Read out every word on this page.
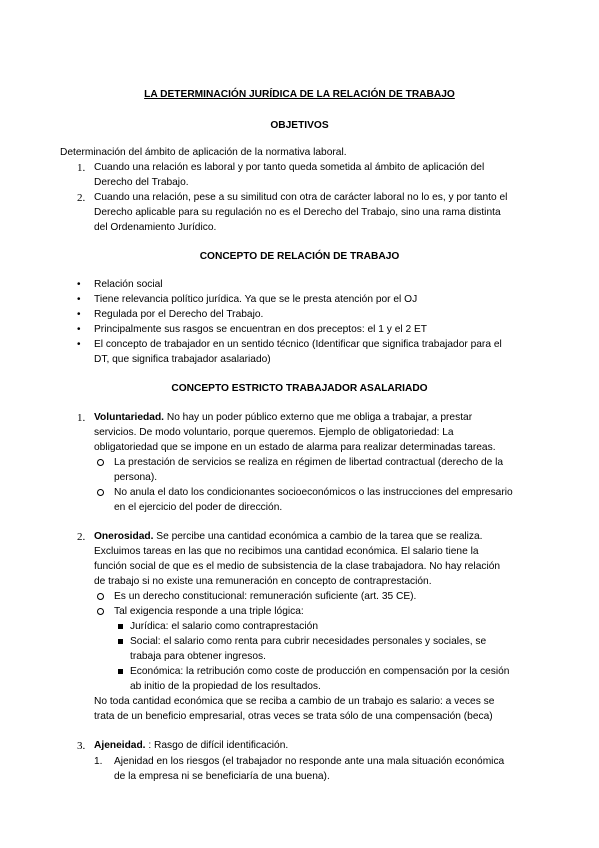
LA DETERMINACIÓN JURÍDICA DE LA RELACIÓN DE TRABAJO
OBJETIVOS
Determinación del ámbito de aplicación de la normativa laboral.
1. Cuando una relación es laboral y por tanto queda sometida al ámbito de aplicación del
Derecho del Trabajo.
2. Cuando una relación, pese a su similitud con otra de carácter laboral no lo es, y por tanto el
Derecho aplicable para su regulación no es el Derecho del Trabajo, sino una rama distinta
del Ordenamiento Jurídico.
CONCEPTO DE RELACIÓN DE TRABAJO
• Relación social
• Tiene relevancia político jurídica. Ya que se le presta atención por el OJ
• Regulada por el Derecho del Trabajo.
• Principalmente sus rasgos se encuentran en dos preceptos: el 1 y el 2 ET
• El concepto de trabajador en un sentido técnico (Identificar que significa trabajador para el
DT, que significa trabajador asalariado)
CONCEPTO ESTRICTO TRABAJADOR ASALARIADO
1. Voluntariedad. No hay un poder público externo que me obliga a trabajar, a prestar
servicios. De modo voluntario, porque queremos. Ejemplo de obligatoriedad: La
obligatoriedad que se impone en un estado de alarma para realizar determinadas tareas.
La prestación de servicios se realiza en régimen de libertad contractual (derecho de la
persona).
No anula el dato los condicionantes socioeconómicos o las instrucciones del empresario
en el ejercicio del poder de dirección.
2. Onerosidad. Se percibe una cantidad económica a cambio de la tarea que se realiza.
Excluimos tareas en las que no recibimos una cantidad económica. El salario tiene la
función social de que es el medio de subsistencia de la clase trabajadora. No hay relación
de trabajo si no existe una remuneración en concepto de contraprestación.
Es un derecho constitucional: remuneración suficiente (art. 35 CE).
Tal exigencia responde a una triple lógica:
Jurídica: el salario como contraprestación
Social: el salario como renta para cubrir necesidades personales y sociales, se
trabaja para obtener ingresos.
Económica: la retribución como coste de producción en compensación por la cesión
ab initio de la propiedad de los resultados.
No toda cantidad económica que se reciba a cambio de un trabajo es salario: a veces se
trata de un beneficio empresarial, otras veces se trata sólo de una compensación (beca)
3. Ajeneidad. : Rasgo de difícil identificación.
1. Ajenidad en los riesgos (el trabajador no responde ante una mala situación económica
de la empresa ni se beneficiaría de una buena).
